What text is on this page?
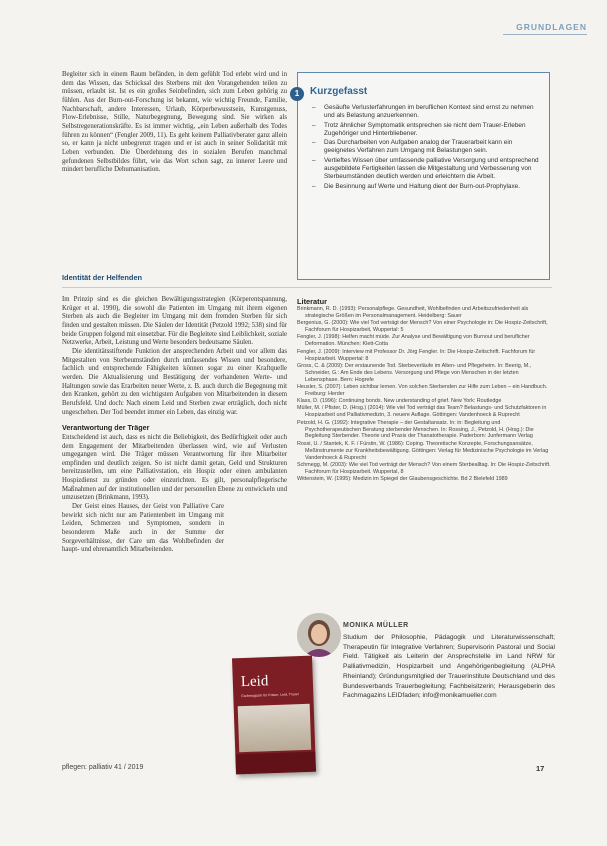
GRUNDLAGEN

Begleiter sich in einem Raum befänden, in dem gefühlt Tod erlebt wird und in dem das Wissen, das Schicksal des Sterbens mit den Vorangehenden teilen zu müssen, erlaubt ist. Ist es ein großes Seinbefinden, sich zum Leben gehörig zu fühlen. Aus der Burn-out-Forschung ist bekannt, wie wichtig Freunde, Familie, Nachbarschaft, andere Interessen, Urlaub, Körperbewusstsein, Kunstgenuss, Flow-Erlebnisse, Stille, Naturbegegnung, Bewegung sind. Sie wirken als Selbstregenerationskräfte. Es ist immer wichtig, „ein Leben außerhalb des Todes führen zu können“ (Fengler 2009, 11). Es geht keinem Palliativberater ganz allein so, er kann ja nicht unbegrenzt tragen und er ist auch in seiner Solidarität mit Leben verbunden. Die Überdehnung des in sozialen Berufen manchmal gefundenen Selbstbildes führt, wie das Wort schon sagt, zu innerer Leere und mindert berufliche Dehumanisation.

1	Kurzgefasst
– Gesäufte Verlusterfahrungen im beruflichen Kontext sind ernst zu nehmen und als Belastung anzuerkennen.
– Trotz ähnlicher Symptomatik entsprechen sie nicht dem Trauer-Erleben Zugehöriger und Hinterbliebener.
– Das Durcharbeiten von Aufgaben analog der Trauerarbeit kann ein geeignetes Verfahren zum Umgang mit Belastungen sein.
– Vertieftes Wissen über umfassende palliative Versorgung und entsprechend ausgebildete Fertigkeiten lassen die Mitgestaltung und Verbesserung von Sterbeumständen deutlich werden und erleichtern die Arbeit.
– Die Besinnung auf Werte und Haltung dient der Burn-out-Prophylaxe.
Identität der Helfenden

Im Prinzip sind es die gleichen Bewältigungsstrategien (Körperentspannung, Krüger et al. 1990), die sowohl die Patienten im Umgang mit ihrem eigenen Sterben als auch die Begleiter im Umgang mit dem fremden Sterben für sich finden und gestalten müssen. Die Säulen der Identität (Petzold 1992; 538) sind für beide Gruppen folgend mit einsetzbar. Für die Begleitete sind Leiblichkeit, soziale Netzwerke, Arbeit, Leistung und Werte besonders bedeutsame Säulen.

Die identitätsstiftende Funktion der ansprechenden Arbeit und vor allem das Mitgestalten von Sterbeumständen durch umfassendes Wissen und besondere, fachlich und entsprechende Fähigkeiten können sogar zu einer Kraftquelle werden. Die Aktualisierung und Bestätigung der vorhandenen Werte- und Haltungen sowie das Erarbeiten neuer Werte, z. B. auch durch die Begegnung mit den Kranken, gehört zu den wichtigsten Aufgaben von Mitarbeitenden in diesem Berufsfeld. Und doch: Nach einem Leid und Sterben zwar erträglich, doch nicht ungeschehen. Der Tod beendet immer ein Leben, das einzig war.

Verantwortung der Träger

Entscheidend ist auch, dass es nicht die Beliebigkeit, des Bedürftigkeit oder auch dem Engagement der Mitarbeitenden überlassen wird, wie auf Verlusten umgegangen wird. Die Träger müssen Verantwortung für ihre Mitarbeiter empfinden und deutlich zeigen. So ist nicht damit getan, Geld und Strukturen bereitzustellen, um eine Palliativstation, ein Hospiz oder einen ambulanten Hospizdienst zu gründen oder einzurichten. Es gilt, personalpflegerische Maßnahmen auf der institutionellen und der personellen Ebene zu entwickeln und umzusetzen (Brinkmann, 1993).

Der Geist eines Hauses, der Geist von Palliative Care bewirkt sich nicht nur am Patientenbett im Umgang mit Leiden, Schmerzen und Symptomen, sondern in besonderem Maße auch in der Summe der Sorgeverhältnisse, der Care um das Wohlbefinden der haupt- und ehrenamtlich Mitarbeitenden.

Literatur
Brinkmann, R. D. (1993): Personalpflege. Gesundheit, Wohlbefinden und Arbeitszufriedenheit als strategische Größen im Personalmanagement. Heidelberg: Sauer
Bergenius, G. (2000): Wie viel Tod verträgt der Mensch? Von einer Psychologie in: Die Hospiz-Zeitschrift, Fachforum für Hospizarbeit, Wuppertal: 5
Fengler, J. (1998): Helfen macht müde. Zur Analyse und Bewältigung von Burnout und beruflicher Deformation. München: Klett-Cotta
Fengler, J. (2009): Interview mit Professor Dr. Jörg Fengler. In: Die Hospiz-Zeitschrift. Fachforum für Hospizarbeit. Wuppertal: 8
Gross, C. & (2009): Der erstaunende Tod. Sterbeverläufe im Alten- und Pflegeheim. In: Beerig, M., Schneider, G.: Am Ende des Lebens. Versorgung und Pflege von Menschen in der letzten Lebensphase. Bern: Hogrefe
Heusler, S. (2007): Leben sichtbar lernen. Von solchen Sterbenden zur Hilfe zum Leben – ein Handbuch. Freiburg: Herder
Klass, D. (1996): Continuing bonds. New understanding of grief. New York: Routledge
Müller, M. / Pfister, D. (Hrsg.) (2014): Wie viel Tod verträgt das Team? Belastungs- und Schutzfaktoren in Hospizarbeit und Palliativmedizin, 3. neuere Auflage. Göttingen: Vandenhoeck & Ruprecht
Petzold, H. G. (1992): Integrative Therapie – der Gestaltansatz. In: in: Begleitung und Psychotherapeutischen Beratung sterbender Menschen. In: Rossing, J., Petzold, H. (Hrsg.): Die Begleitung Sterbender. Theorie und Praxis der Thanatotherapie. Paderborn: Junfermann Verlag
Rossi, U. / Stantek, K. F. / Fürstin, W. (1986): Coping. Theoretische Konzepte, Forschungsansätze, Meßinstrumente zur Krankheitsbewältigung. Göttingen: Verlag für Medizinische Psychologie im Verlag Vandenhoeck & Ruprecht
Schmegg, M. (2003): Wie viel Tod verträgt der Mensch? Von einem Sterbealltag. In: Die Hospiz-Zeitschrift. Fachforum für Hospizarbeit. Wuppertal, 8
Wittenstein, W. (1995): Medizin im Spiegel der Glaubensgeschichte. Bd 2 Bielefeld 1989
MONIKA MÜLLER
Studium der Philosophie, Pädagogik und Literaturwissenschaft; Therapeutin für Integrative Verfahren; Supervisorin Pastoral und Social Field. Tätigkeit als Leiterin der Ansprechstelle im Land NRW für Palliativmedizin, Hospizarbeit und Angehörigenbegleitung (ALPHA Rheinland); Gründungsmitglied der Trauerinstitute Deutschland und des Bundesverbands Trauerbegleitung; Fachbeisitzerin; Herausgeberin des Fachmagazins LEIDfaden; info@monikamueller.com
Leid
Fachmagazin für Krisen, Leid, Trauer
pflegen: palliativ 41 / 2019	17
